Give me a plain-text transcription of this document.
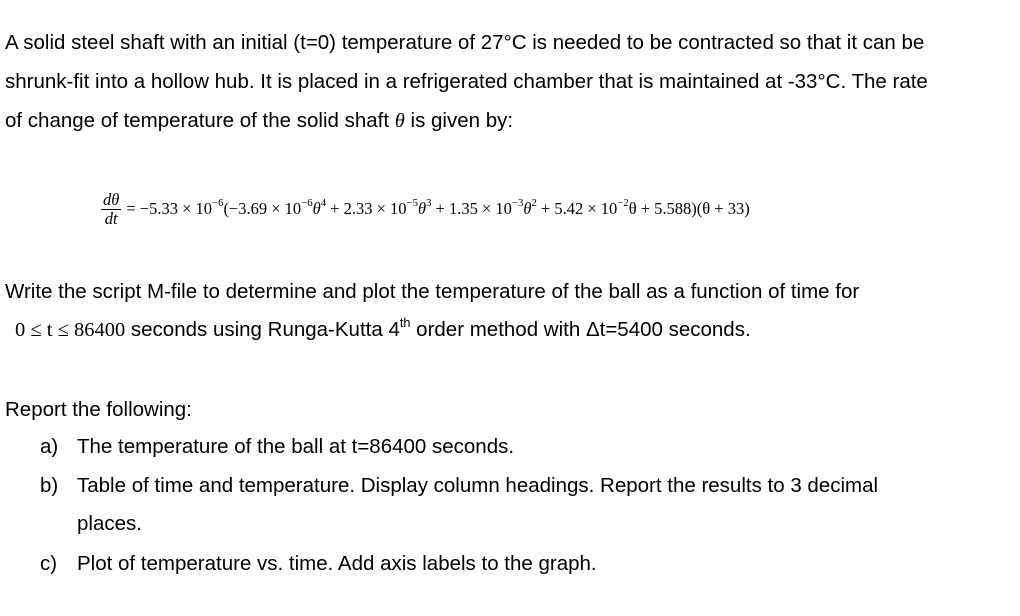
A solid steel shaft with an initial (t=0) temperature of 27°C is needed to be contracted so that it can be
shrunk-fit into a hollow hub. It is placed in a refrigerated chamber that is maintained at -33°C. The rate
of change of temperature of the solid shaft θ is given by:
$\frac{d\theta}{dt} = -5.33 \times 10^{-6}(-3.69 \times 10^{-6}\theta^4 + 2.33 \times 10^{-5}\theta^3 + 1.35 \times 10^{-3}\theta^2 + 5.42 \times 10^{-2}\theta + 5.588)(\theta + 33)$
Write the script M-file to determine and plot the temperature of the ball as a function of time for
0 ≤ t ≤ 86400 seconds using Runga-Kutta 4th order method with Δt=5400 seconds.
Report the following:
a) The temperature of the ball at t=86400 seconds.
b) Table of time and temperature. Display column headings. Report the results to 3 decimal
places.
c) Plot of temperature vs. time. Add axis labels to the graph.
